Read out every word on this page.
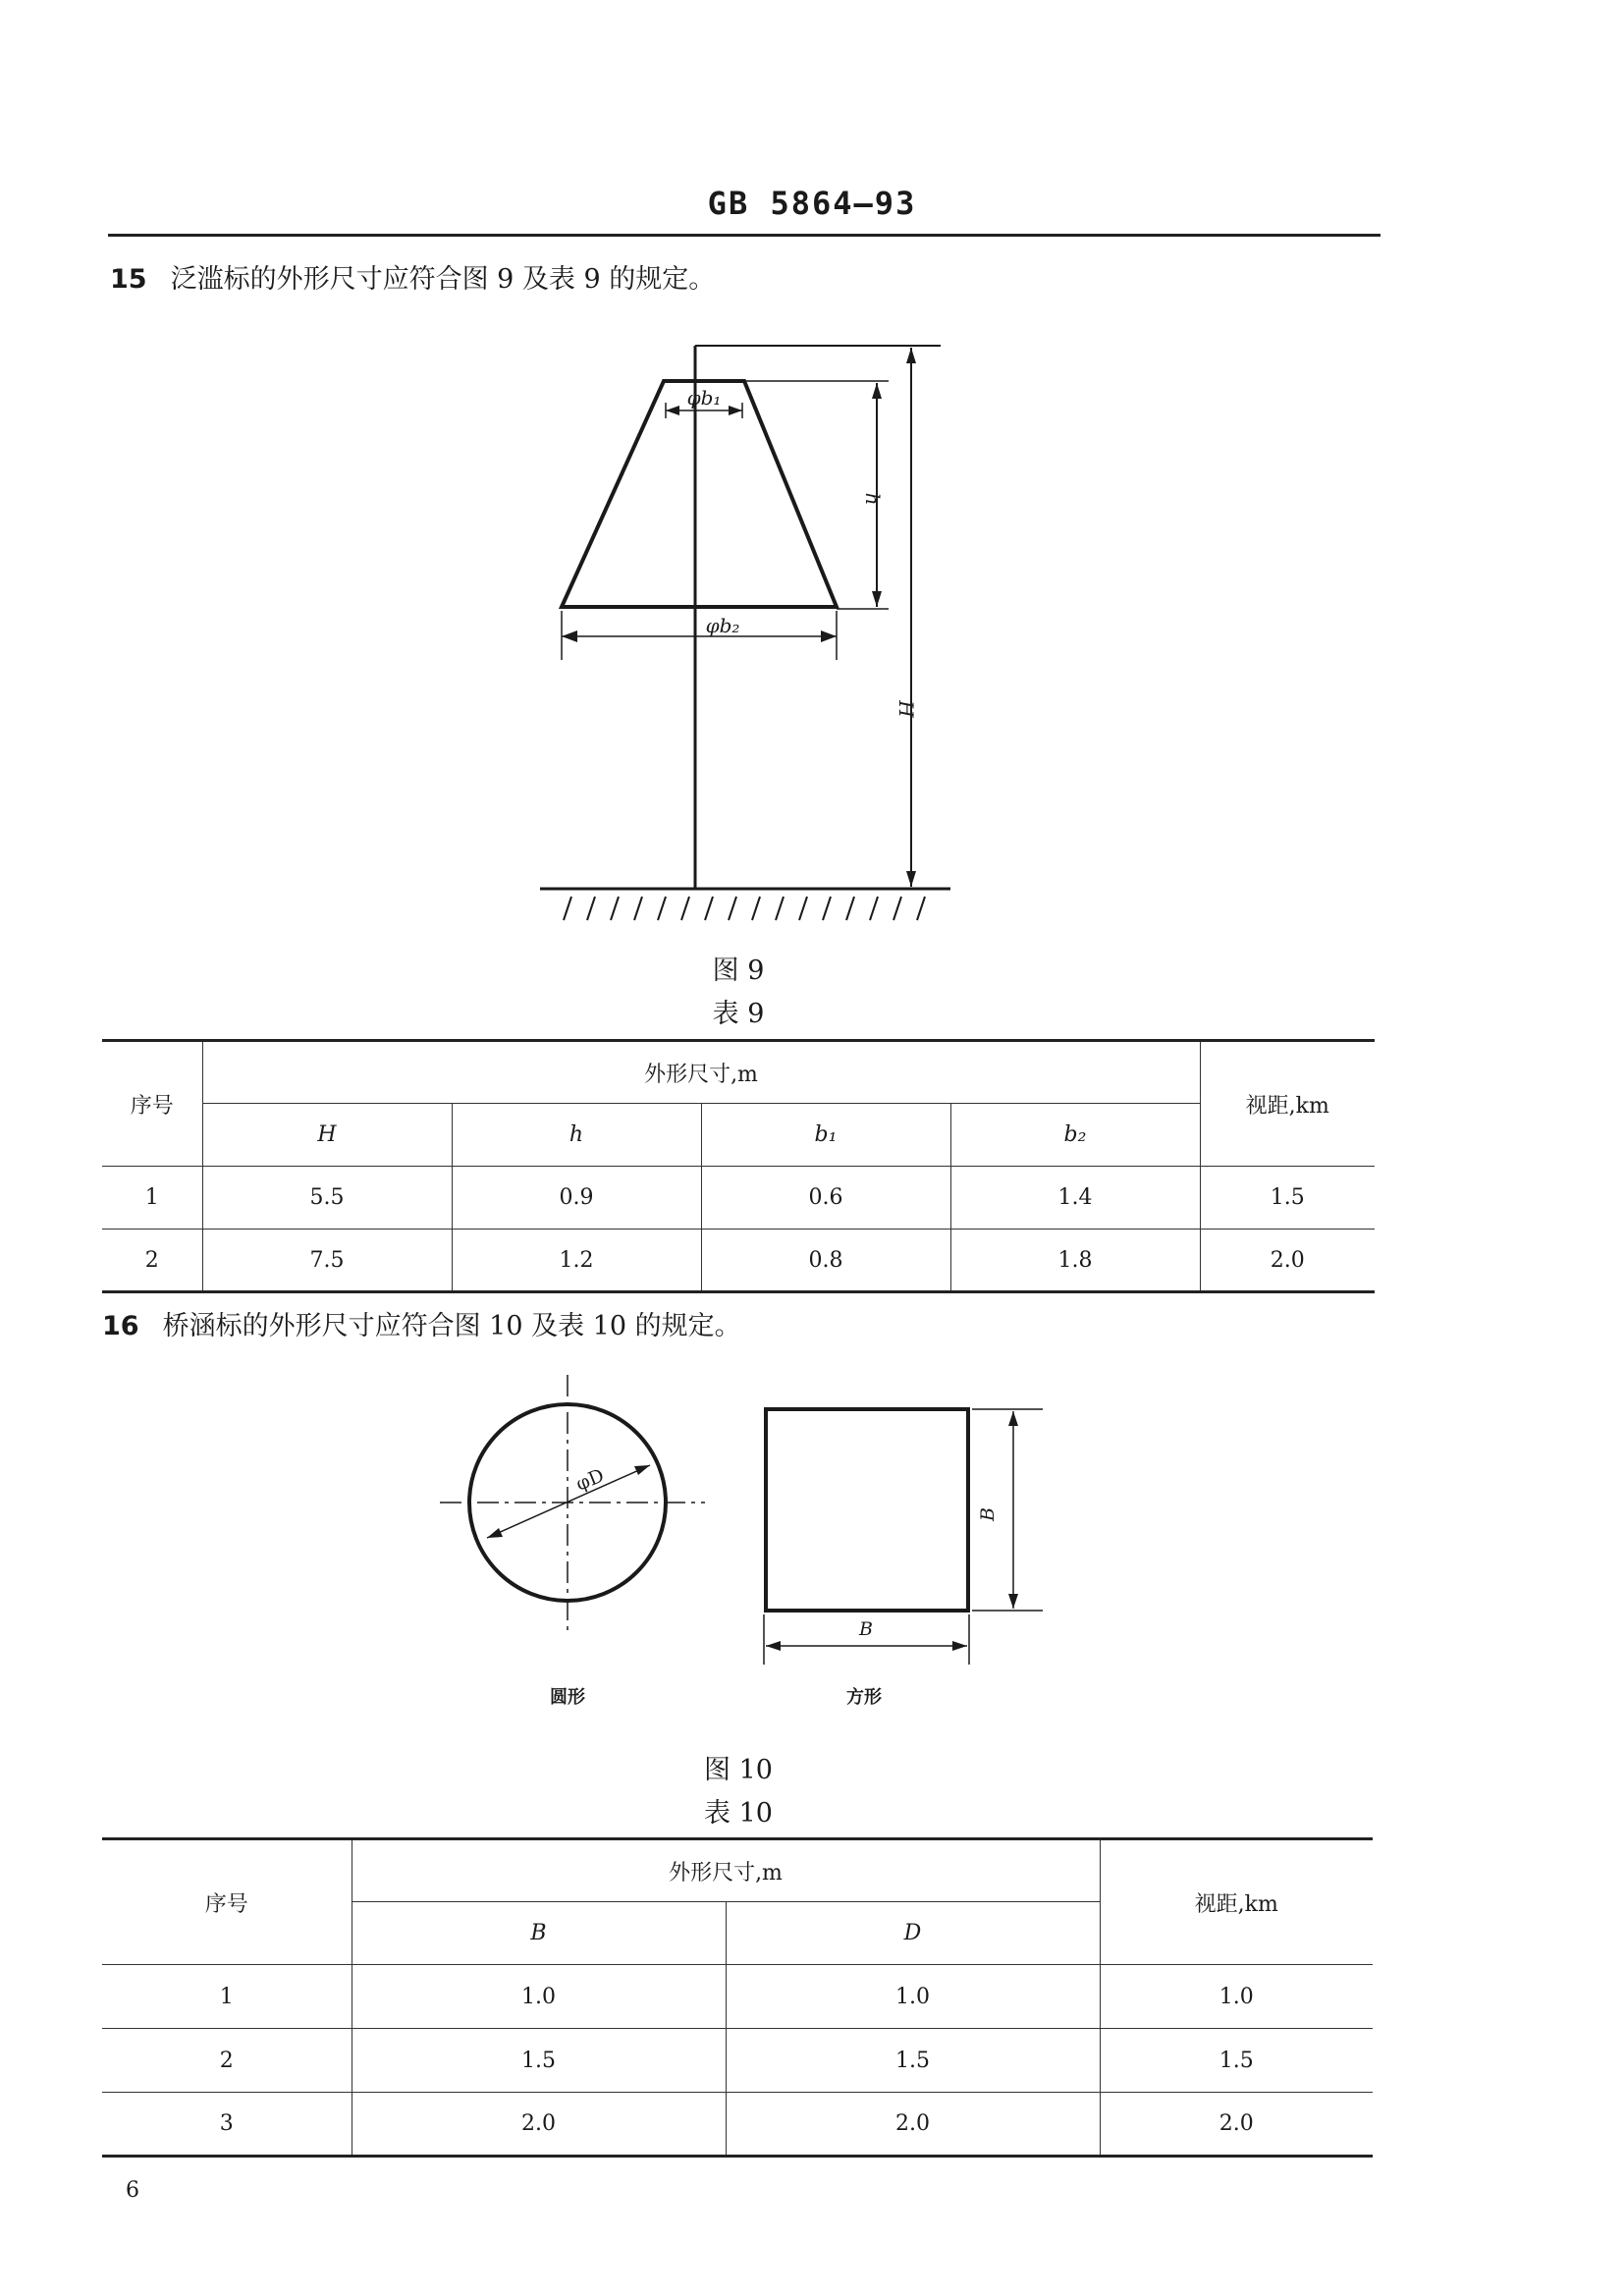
GB 5864—93
15 泛滥标的外形尺寸应符合图 9 及表 9 的规定。
φb₁
φb₂
h
H
图 9
表 9
序号	外形尺寸,m				视距,km
	H	h	b₁	b₂	
1	5.5	0.9	0.6	1.4	1.5
2	7.5	1.2	0.8	1.8	2.0
16 桥涵标的外形尺寸应符合图 10 及表 10 的规定。
φD
B
B
圆形	方形
图 10
表 10
序号	外形尺寸,m		视距,km
	B	D	
1	1.0	1.0	1.0
2	1.5	1.5	1.5
3	2.0	2.0	2.0
6
